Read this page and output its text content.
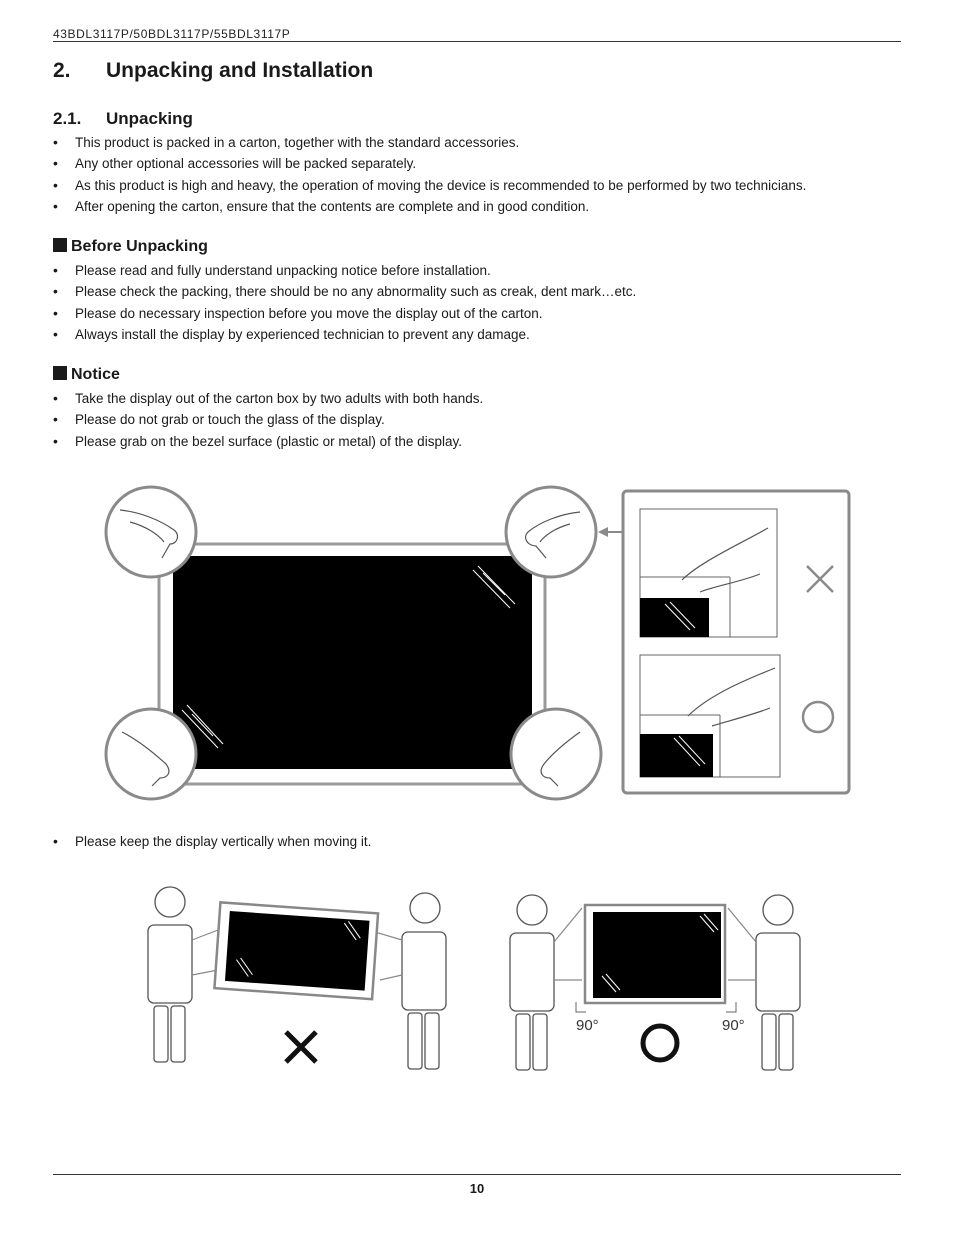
43BDL3117P/50BDL3117P/55BDL3117P
2. Unpacking and Installation
2.1. Unpacking
• This product is packed in a carton, together with the standard accessories.
• Any other optional accessories will be packed separately.
• As this product is high and heavy, the operation of moving the device is recommended to be performed by two technicians.
• After opening the carton, ensure that the contents are complete and in good condition.
Before Unpacking
• Please read and fully understand unpacking notice before installation.
• Please check the packing, there should be no any abnormality such as creak, dent mark…etc.
• Please do necessary inspection before you move the display out of the carton.
• Always install the display by experienced technician to prevent any damage.
Notice
• Take the display out of the carton box by two adults with both hands.
• Please do not grab or touch the glass of the display.
• Please grab on the bezel surface (plastic or metal) of the display.
• Please keep the display vertically when moving it.
90°	90°
10
